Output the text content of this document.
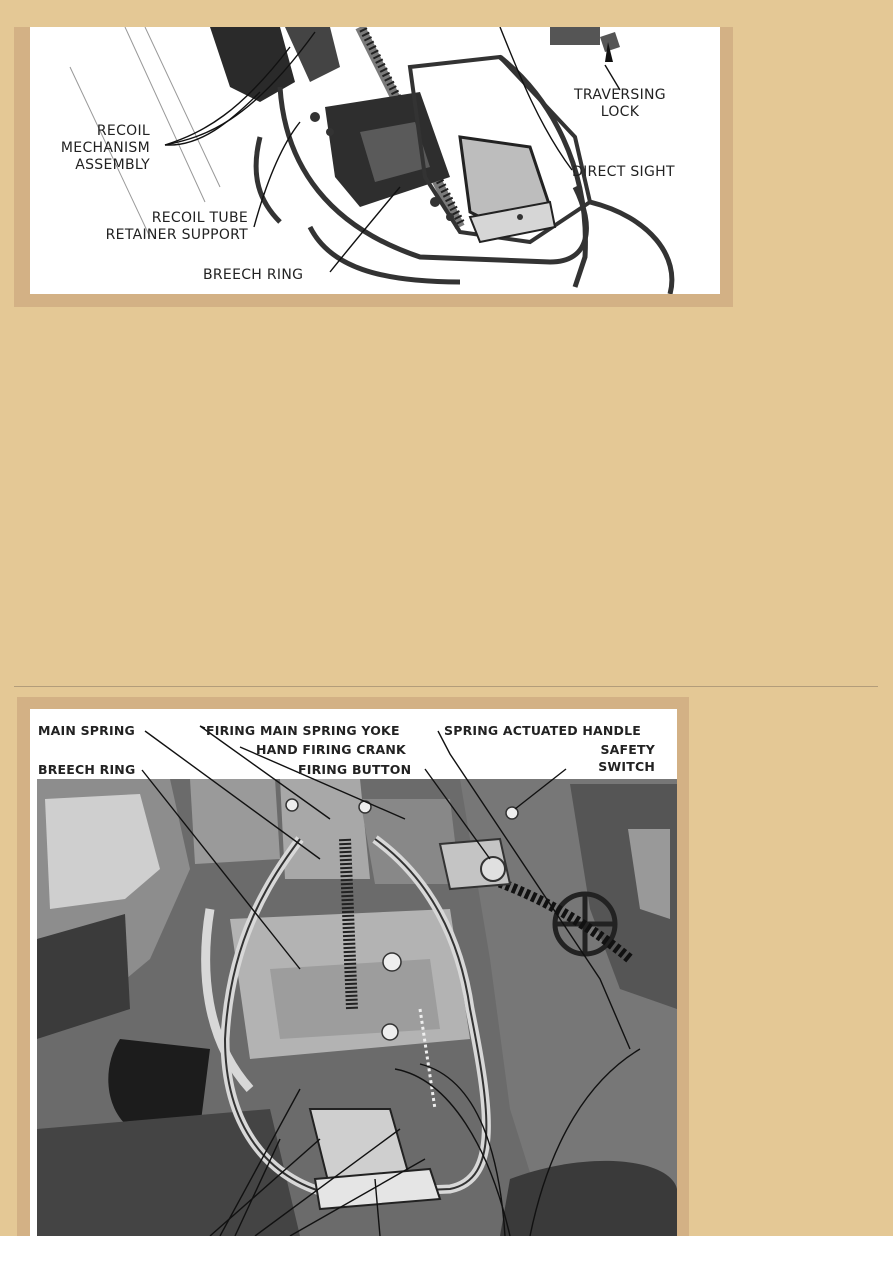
TRAVERSING
LOCK
RECOIL
MECHANISM
ASSEMBLY	DIRECT SIGHT
RECOIL TUBE
RETAINER SUPPORT
BREECH RING
MAIN SPRING	FIRING MAIN SPRING YOKE	SPRING ACTUATED HANDLE
HAND FIRING CRANK	SAFETY
SWITCH
BREECH RING	FIRING BUTTON
